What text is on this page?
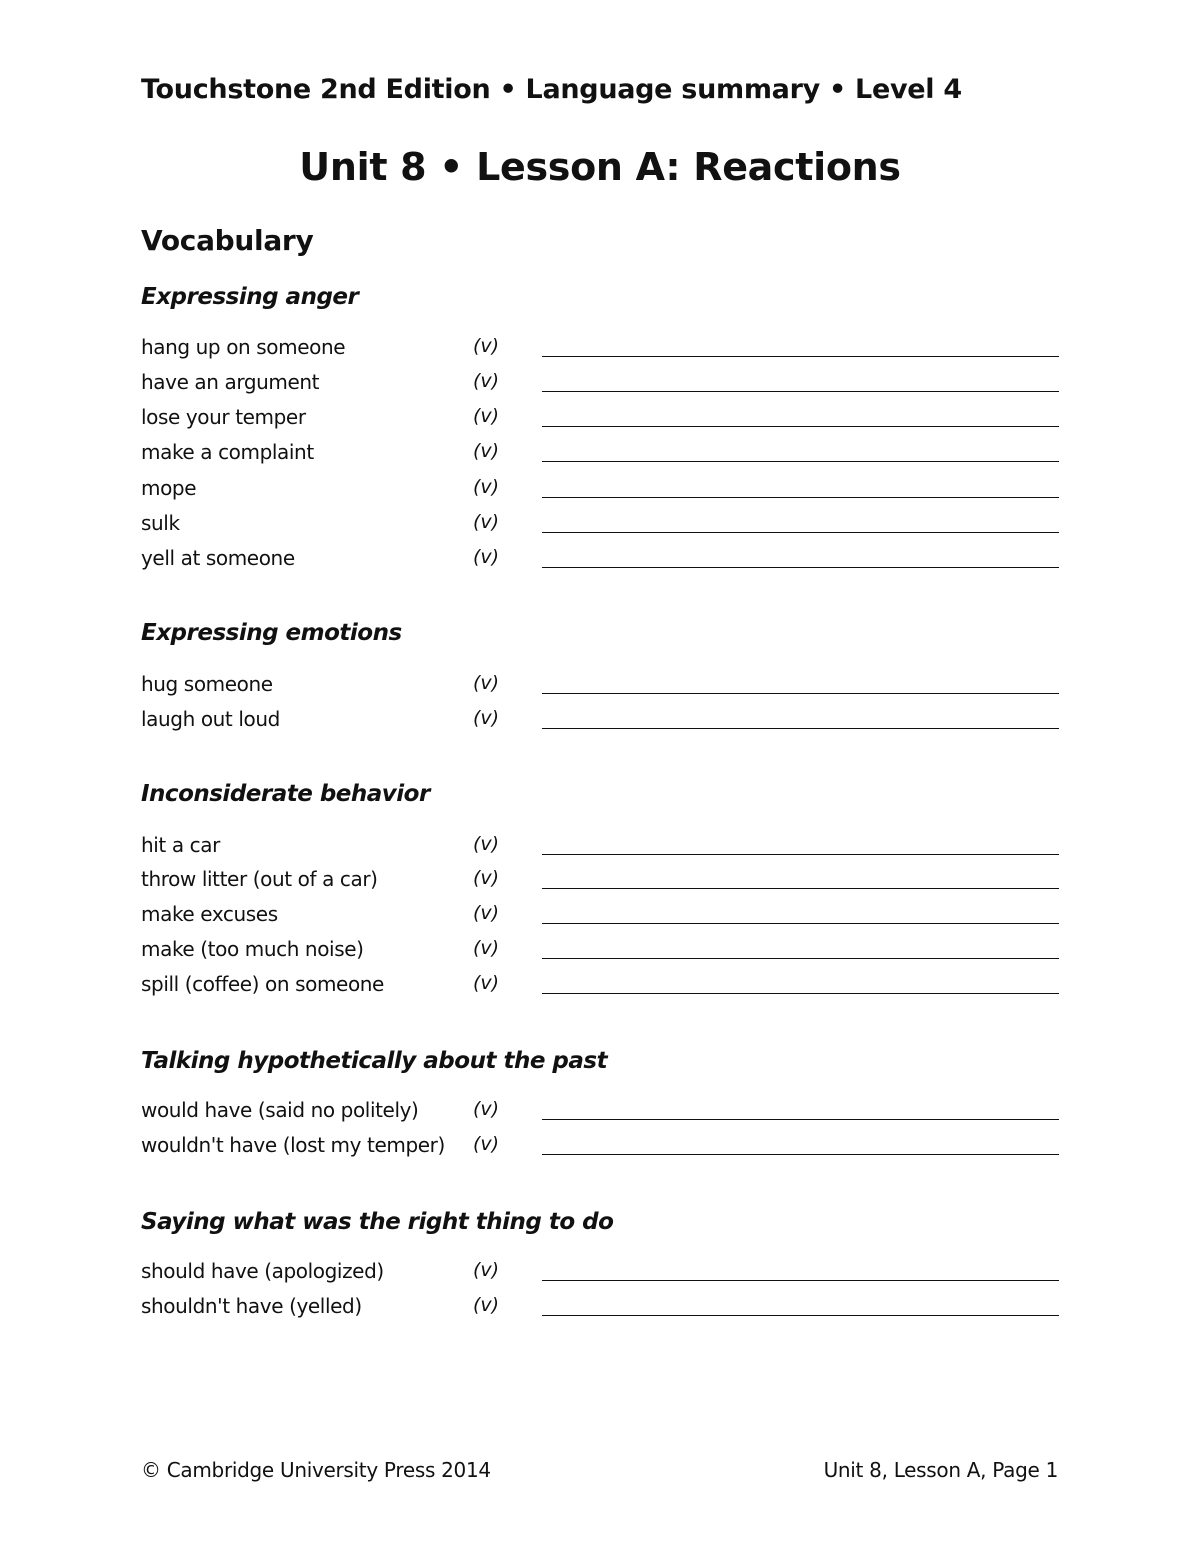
Touchstone 2nd Edition • Language summary • Level 4
Unit 8 • Lesson A: Reactions
Vocabulary
Expressing anger
hang up on someone	(v)
have an argument	(v)
lose your temper	(v)
make a complaint	(v)
mope	(v)
sulk	(v)
yell at someone	(v)
Expressing emotions
hug someone	(v)
laugh out loud	(v)
Inconsiderate behavior
hit a car	(v)
throw litter (out of a car)	(v)
make excuses	(v)
make (too much noise)	(v)
spill (coffee) on someone	(v)
Talking hypothetically about the past
would have (said no politely)	(v)
wouldn't have (lost my temper) (v)
Saying what was the right thing to do
should have (apologized)	(v)
shouldn't have (yelled)	(v)
© Cambridge University Press 2014	Unit 8, Lesson A, Page 1
